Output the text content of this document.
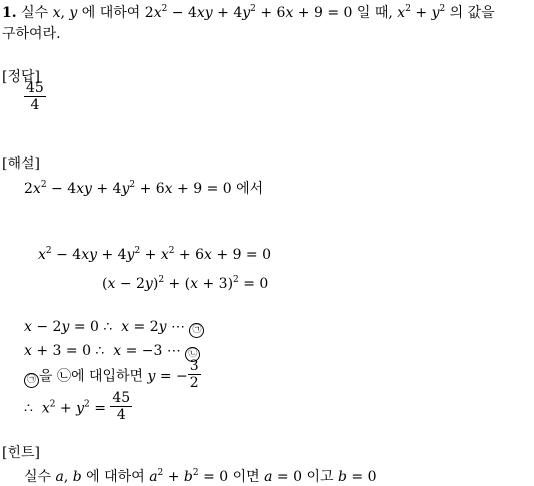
1. 실수 x, y 에 대하여 $2x^2 - 4xy + 4y^2 + 6x + 9 = 0$ 일 때, $x^2 + y^2$ 의 값을
구하여라.
[정답]
$\frac{45}{4}$
[해설]
$2x^2 - 4xy + 4y^2 + 6x + 9 = 0$ 에서
$x^2 - 4xy + 4y^2 + x^2 + 6x + 9 = 0$
$(x - 2y)^2 + (x + 3)^2 = 0$
x − 2y = 0 ∴  x = 2y ⋯ ㉠
x + 3 = 0 ∴  x = −3 ⋯ ㉡
㉠ 을 ㉡에 대입하면 y = − $\frac{3}{2}$
∴  $x^2 + y^2 = \frac{45}{4}$
[힌트]
실수 a, b 에 대하여 $a^2 + b^2 = 0$ 이면 a = 0 이고 b = 0
